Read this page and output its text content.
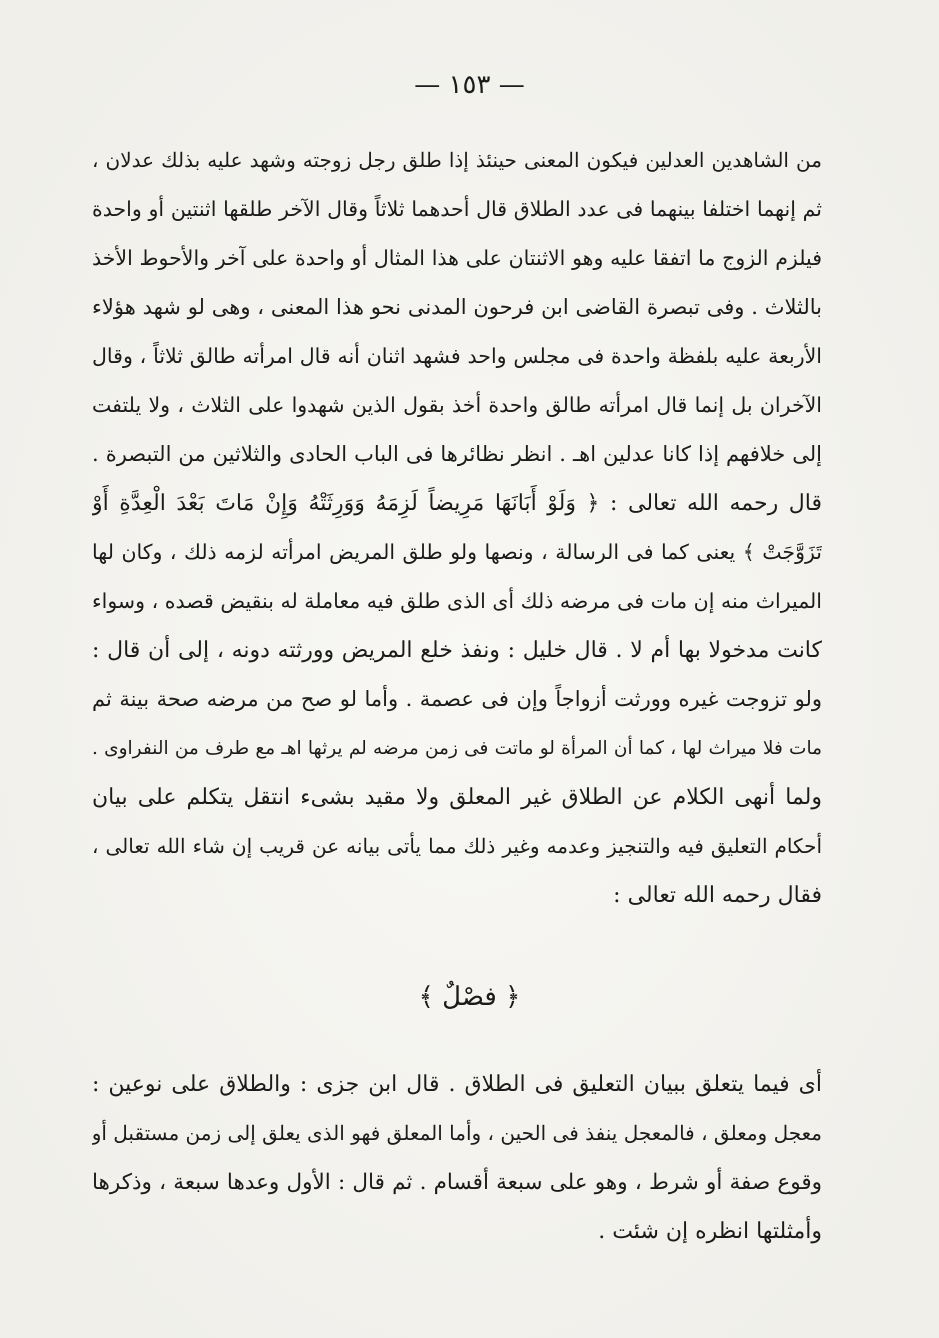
— ١٥٣ —
من الشاهدين العدلين فيكون المعنى حينئذ إذا طلق رجل زوجته وشهد عليه بذلك عدلان ،
ثم إنهما اختلفا بينهما فى عدد الطلاق قال أحدهما ثلاثاً وقال الآخر طلقها اثنتين أو واحدة
فيلزم الزوج ما اتفقا عليه وهو الاثنتان على هذا المثال أو واحدة على آخر والأحوط الأخذ
بالثلاث . وفى تبصرة القاضى ابن فرحون المدنى نحو هذا المعنى ، وهى لو شهد هؤلاء
الأربعة عليه بلفظة واحدة فى مجلس واحد فشهد اثنان أنه قال امرأته طالق ثلاثاً ، وقال
الآخران بل إنما قال امرأته طالق واحدة أخذ بقول الذين شهدوا على الثلاث ، ولا يلتفت
إلى خلافهم إذا كانا عدلين اهـ . انظر نظائرها فى الباب الحادى والثلاثين من التبصرة .
قال رحمه الله تعالى : ﴿ وَلَوْ أَبَانَهَا مَرِيضاً لَزِمَهُ وَوَرِثَتْهُ وَإِنْ مَاتَ بَعْدَ الْعِدَّةِ أَوْ
تَزَوَّجَتْ ﴾ يعنى كما فى الرسالة ، ونصها ولو طلق المريض امرأته لزمه ذلك ، وكان لها
الميراث منه إن مات فى مرضه ذلك أى الذى طلق فيه معاملة له بنقيض قصده ، وسواء
كانت مدخولا بها أم لا . قال خليل : ونفذ خلع المريض وورثته دونه ، إلى أن قال :
ولو تزوجت غيره وورثت أزواجاً وإن فى عصمة . وأما لو صح من مرضه صحة بينة ثم
مات فلا ميراث لها ، كما أن المرأة لو ماتت فى زمن مرضه لم يرثها اهـ مع طرف من النفراوى .
ولما أنهى الكلام عن الطلاق غير المعلق ولا مقيد بشىء انتقل يتكلم على بيان
أحكام التعليق فيه والتنجيز وعدمه وغير ذلك مما يأتى بيانه عن قريب إن شاء الله تعالى ،
فقال رحمه الله تعالى :
﴿ فصْلٌ ﴾
أى فيما يتعلق ببيان التعليق فى الطلاق . قال ابن جزى : والطلاق على نوعين :
معجل ومعلق ، فالمعجل ينفذ فى الحين ، وأما المعلق فهو الذى يعلق إلى زمن مستقبل أو
وقوع صفة أو شرط ، وهو على سبعة أقسام . ثم قال : الأول وعدها سبعة ، وذكرها
وأمثلتها انظره إن شئت .
